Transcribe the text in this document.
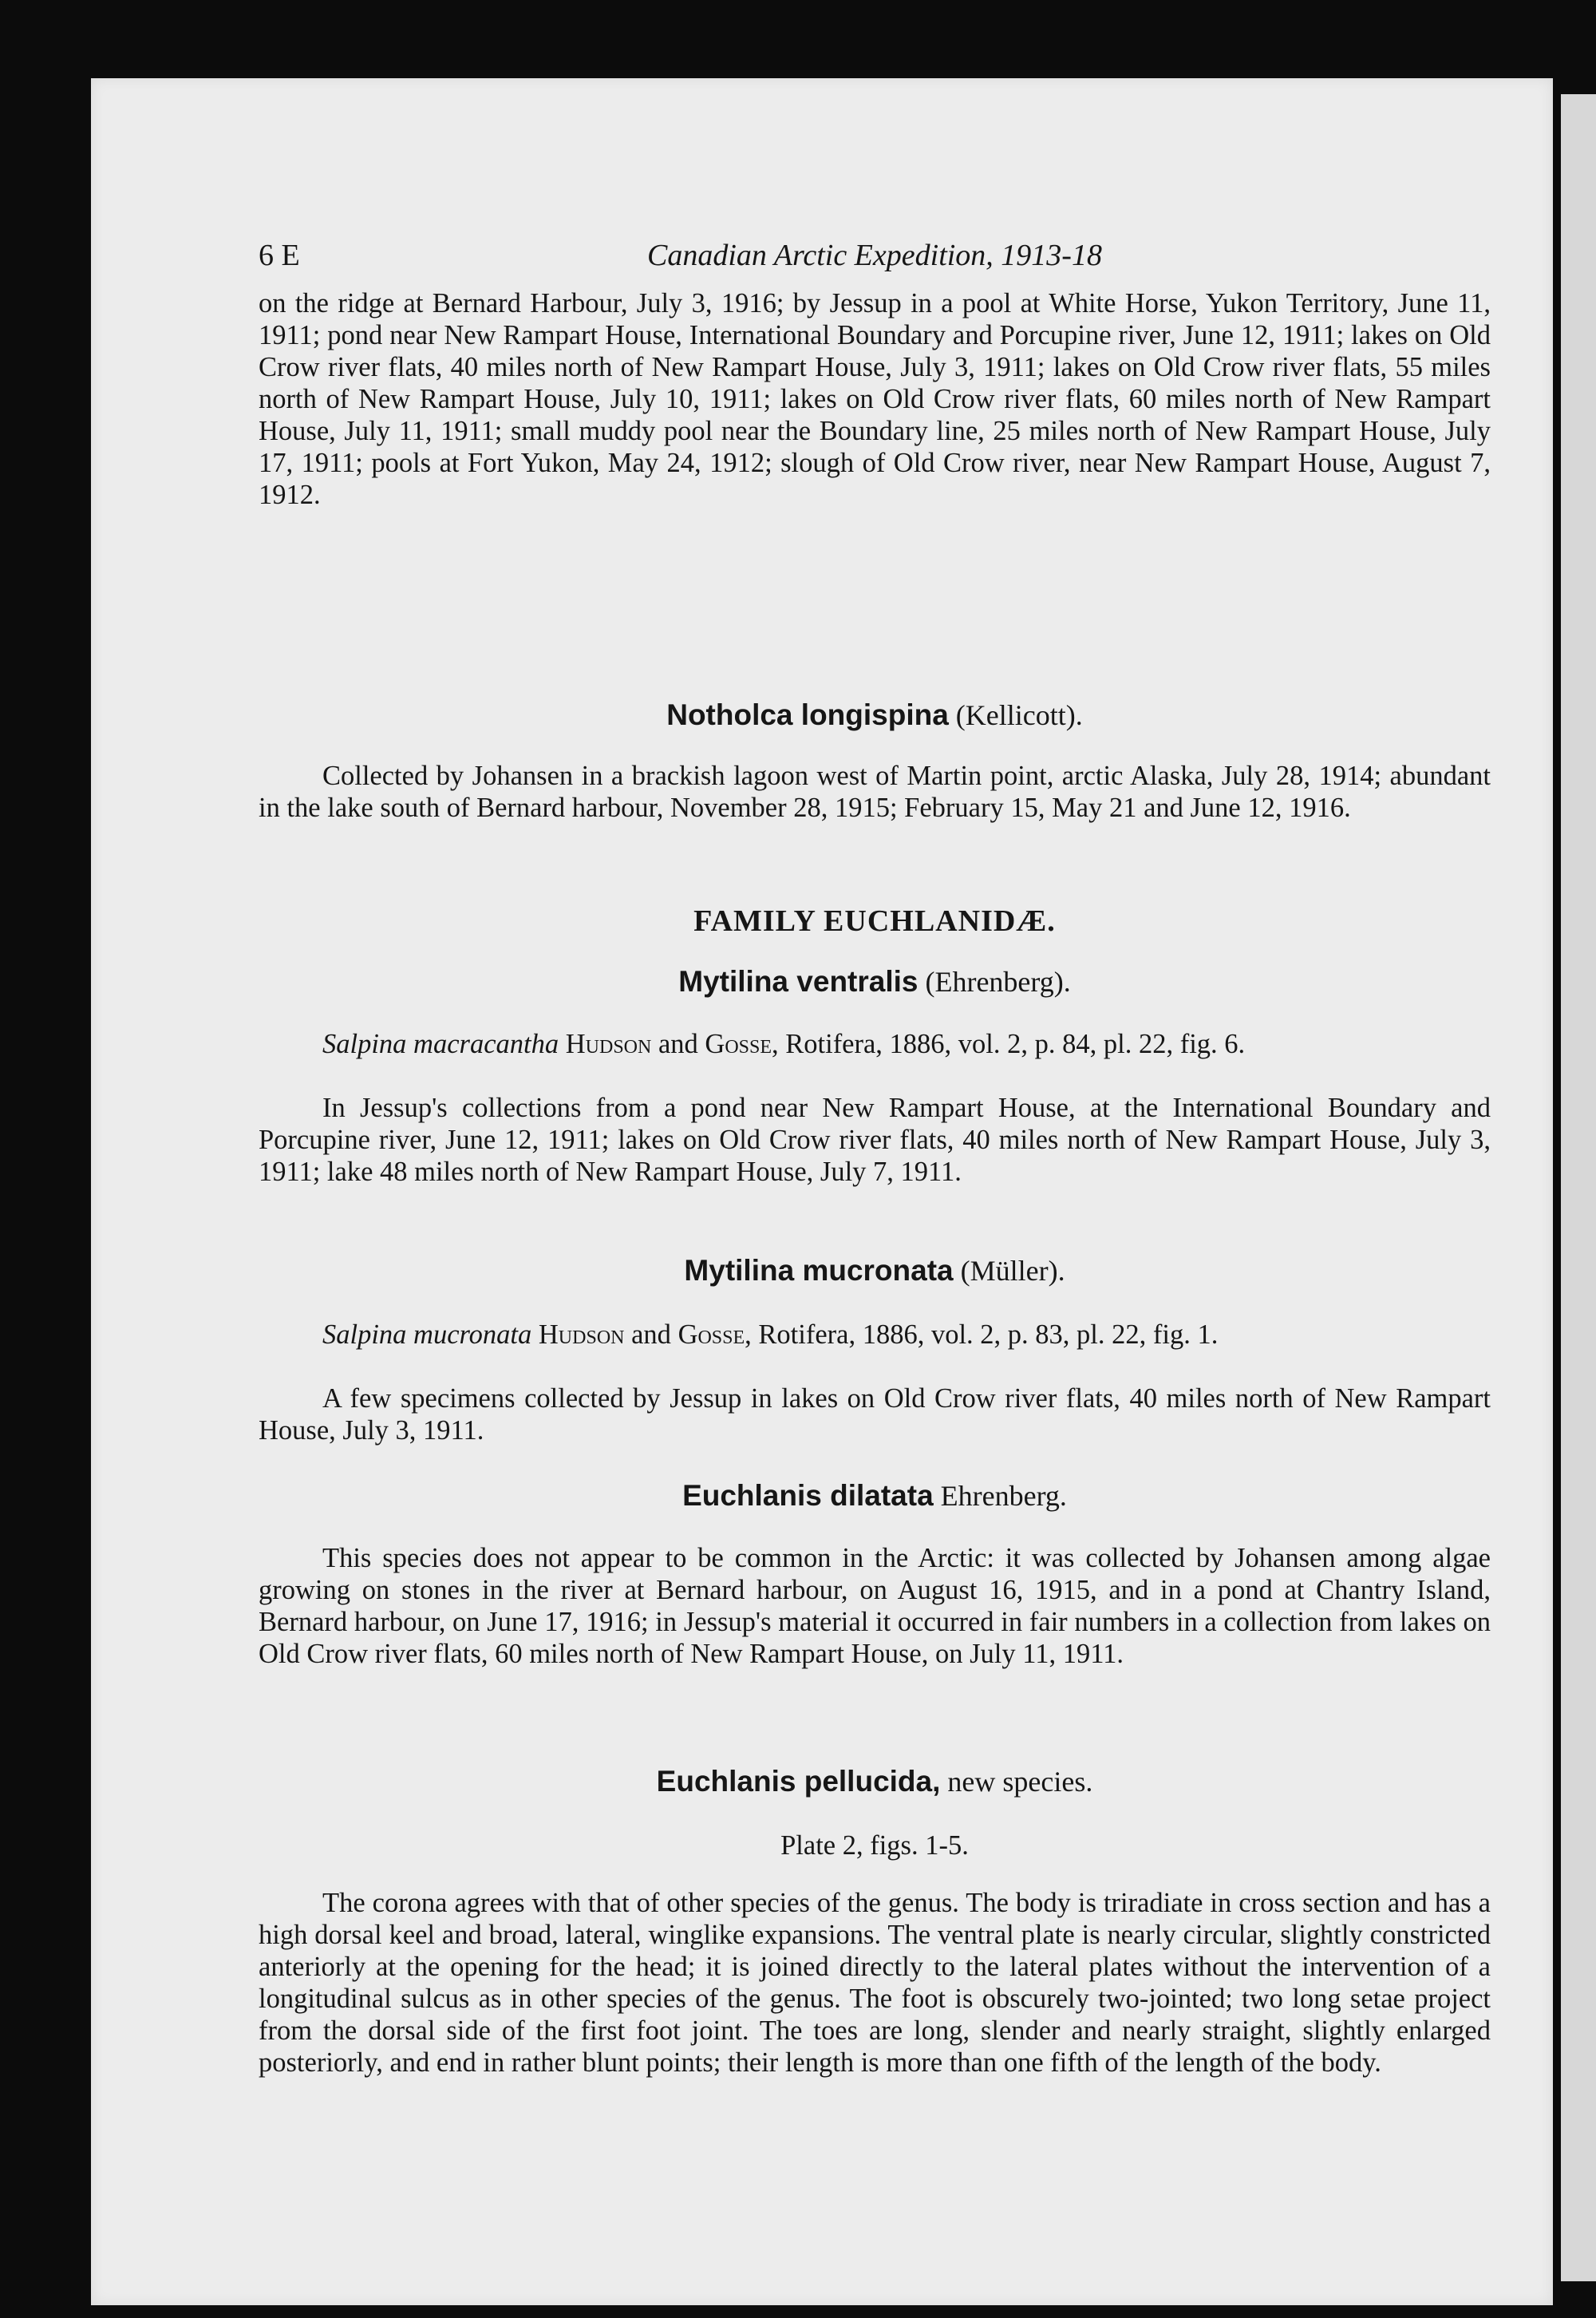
6 E	Canadian Arctic Expedition, 1913-18
on the ridge at Bernard Harbour, July 3, 1916; by Jessup in a pool at White Horse, Yukon Territory, June 11, 1911; pond near New Rampart House, International Boundary and Porcupine river, June 12, 1911; lakes on Old Crow river flats, 40 miles north of New Rampart House, July 3, 1911; lakes on Old Crow river flats, 55 miles north of New Rampart House, July 10, 1911; lakes on Old Crow river flats, 60 miles north of New Rampart House, July 11, 1911; small muddy pool near the Boundary line, 25 miles north of New Rampart House, July 17, 1911; pools at Fort Yukon, May 24, 1912; slough of Old Crow river, near New Rampart House, August 7, 1912.
Notholca longispina (Kellicott).
Collected by Johansen in a brackish lagoon west of Martin point, arctic Alaska, July 28, 1914; abundant in the lake south of Bernard harbour, November 28, 1915; February 15, May 21 and June 12, 1916.
FAMILY EUCHLANIDÆ.
Mytilina ventralis (Ehrenberg).
Salpina macracantha Hudson and Gosse, Rotifera, 1886, vol. 2, p. 84, pl. 22, fig. 6.
In Jessup's collections from a pond near New Rampart House, at the International Boundary and Porcupine river, June 12, 1911; lakes on Old Crow river flats, 40 miles north of New Rampart House, July 3, 1911; lake 48 miles north of New Rampart House, July 7, 1911.
Mytilina mucronata (Müller).
Salpina mucronata Hudson and Gosse, Rotifera, 1886, vol. 2, p. 83, pl. 22, fig. 1.
A few specimens collected by Jessup in lakes on Old Crow river flats, 40 miles north of New Rampart House, July 3, 1911.
Euchlanis dilatata Ehrenberg.
This species does not appear to be common in the Arctic: it was collected by Johansen among algae growing on stones in the river at Bernard harbour, on August 16, 1915, and in a pond at Chantry Island, Bernard harbour, on June 17, 1916; in Jessup's material it occurred in fair numbers in a collection from lakes on Old Crow river flats, 60 miles north of New Rampart House, on July 11, 1911.
Euchlanis pellucida, new species.
Plate 2, figs. 1-5.
The corona agrees with that of other species of the genus. The body is triradiate in cross section and has a high dorsal keel and broad, lateral, winglike expansions. The ventral plate is nearly circular, slightly constricted anteriorly at the opening for the head; it is joined directly to the lateral plates without the intervention of a longitudinal sulcus as in other species of the genus. The foot is obscurely two-jointed; two long setae project from the dorsal side of the first foot joint. The toes are long, slender and nearly straight, slightly enlarged posteriorly, and end in rather blunt points; their length is more than one fifth of the length of the body.
